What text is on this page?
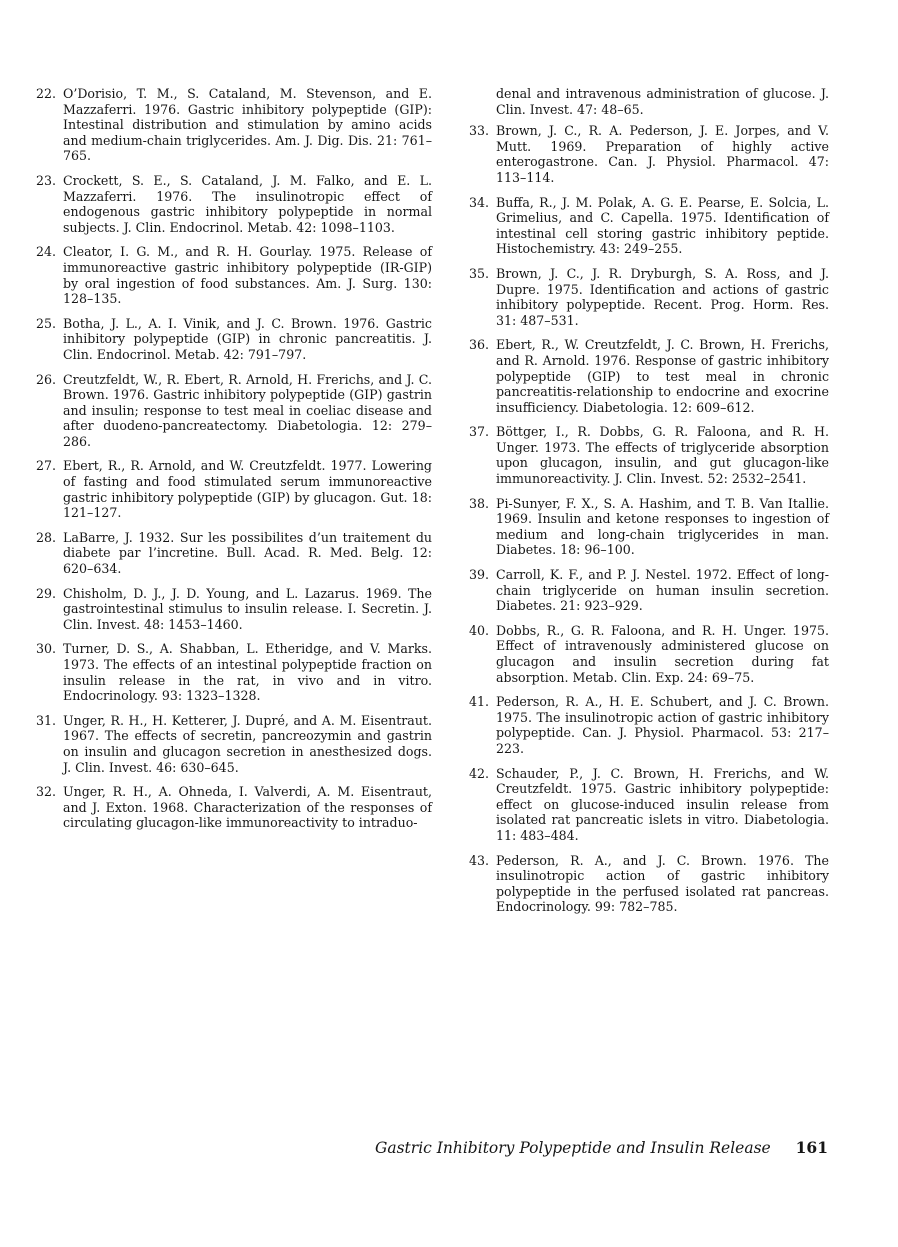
22. O’Dorisio, T. M., S. Cataland, M. Stevenson, and E. Mazzaferri. 1976. Gastric inhibitory polypeptide (GIP): Intestinal distribution and stimulation by amino acids and medium-chain triglycerides. Am. J. Dig. Dis. 21: 761–765.
23. Crockett, S. E., S. Cataland, J. M. Falko, and E. L. Mazzaferri. 1976. The insulinotropic effect of endogenous gastric inhibitory polypeptide in normal subjects. J. Clin. Endocrinol. Metab. 42: 1098–1103.
24. Cleator, I. G. M., and R. H. Gourlay. 1975. Release of immunoreactive gastric inhibitory polypeptide (IR-GIP) by oral ingestion of food substances. Am. J. Surg. 130: 128–135.
25. Botha, J. L., A. I. Vinik, and J. C. Brown. 1976. Gastric inhibitory polypeptide (GIP) in chronic pancreatitis. J. Clin. Endocrinol. Metab. 42: 791–797.
26. Creutzfeldt, W., R. Ebert, R. Arnold, H. Frerichs, and J. C. Brown. 1976. Gastric inhibitory polypeptide (GIP) gastrin and insulin; response to test meal in coeliac disease and after duodeno-pancreatectomy. Diabetologia. 12: 279–286.
27. Ebert, R., R. Arnold, and W. Creutzfeldt. 1977. Lowering of fasting and food stimulated serum immunoreactive gastric inhibitory polypeptide (GIP) by glucagon. Gut. 18: 121–127.
28. LaBarre, J. 1932. Sur les possibilites d’un traitement du diabete par l’incretine. Bull. Acad. R. Med. Belg. 12: 620–634.
29. Chisholm, D. J., J. D. Young, and L. Lazarus. 1969. The gastrointestinal stimulus to insulin release. I. Secretin. J. Clin. Invest. 48: 1453–1460.
30. Turner, D. S., A. Shabban, L. Etheridge, and V. Marks. 1973. The effects of an intestinal polypeptide fraction on insulin release in the rat, in vivo and in vitro. Endocrinology. 93: 1323–1328.
31. Unger, R. H., H. Ketterer, J. Dupré, and A. M. Eisentraut. 1967. The effects of secretin, pancreozymin and gastrin on insulin and glucagon secretion in anesthesized dogs. J. Clin. Invest. 46: 630–645.
32. Unger, R. H., A. Ohneda, I. Valverdi, A. M. Eisentraut, and J. Exton. 1968. Characterization of the responses of circulating glucagon-like immunoreactivity to intraduo-
denal and intravenous administration of glucose. J. Clin. Invest. 47: 48–65.
33. Brown, J. C., R. A. Pederson, J. E. Jorpes, and V. Mutt. 1969. Preparation of highly active enterogastrone. Can. J. Physiol. Pharmacol. 47: 113–114.
34. Buffa, R., J. M. Polak, A. G. E. Pearse, E. Solcia, L. Grimelius, and C. Capella. 1975. Identification of intestinal cell storing gastric inhibitory peptide. Histochemistry. 43: 249–255.
35. Brown, J. C., J. R. Dryburgh, S. A. Ross, and J. Dupre. 1975. Identification and actions of gastric inhibitory polypeptide. Recent. Prog. Horm. Res. 31: 487–531.
36. Ebert, R., W. Creutzfeldt, J. C. Brown, H. Frerichs, and R. Arnold. 1976. Response of gastric inhibitory polypeptide (GIP) to test meal in chronic pancreatitis-relationship to endocrine and exocrine insufficiency. Diabetologia. 12: 609–612.
37. Böttger, I., R. Dobbs, G. R. Faloona, and R. H. Unger. 1973. The effects of triglyceride absorption upon glucagon, insulin, and gut glucagon-like immunoreactivity. J. Clin. Invest. 52: 2532–2541.
38. Pi-Sunyer, F. X., S. A. Hashim, and T. B. Van Itallie. 1969. Insulin and ketone responses to ingestion of medium and long-chain triglycerides in man. Diabetes. 18: 96–100.
39. Carroll, K. F., and P. J. Nestel. 1972. Effect of long-chain triglyceride on human insulin secretion. Diabetes. 21: 923–929.
40. Dobbs, R., G. R. Faloona, and R. H. Unger. 1975. Effect of intravenously administered glucose on glucagon and insulin secretion during fat absorption. Metab. Clin. Exp. 24: 69–75.
41. Pederson, R. A., H. E. Schubert, and J. C. Brown. 1975. The insulinotropic action of gastric inhibitory polypeptide. Can. J. Physiol. Pharmacol. 53: 217–223.
42. Schauder, P., J. C. Brown, H. Frerichs, and W. Creutzfeldt. 1975. Gastric inhibitory polypeptide: effect on glucose-induced insulin release from isolated rat pancreatic islets in vitro. Diabetologia. 11: 483–484.
43. Pederson, R. A., and J. C. Brown. 1976. The insulinotropic action of gastric inhibitory polypeptide in the perfused isolated rat pancreas. Endocrinology. 99: 782–785.
Gastric Inhibitory Polypeptide and Insulin Release 161
